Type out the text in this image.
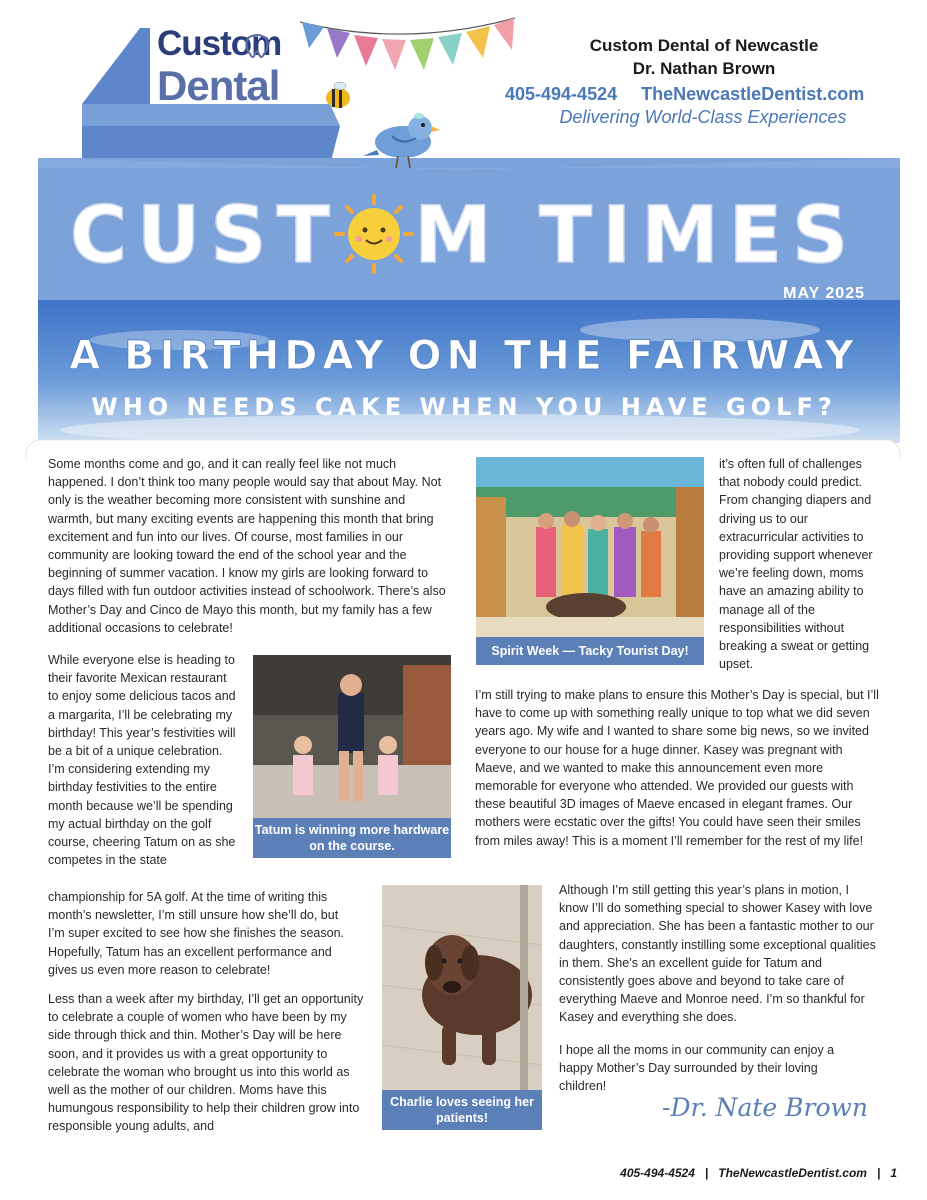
Custom
Dental
Custom Dental of Newcastle
Dr. Nathan Brown
405-494-4524 TheNewcastleDentist.com
Delivering World-Class Experiences
CUST  M TIMES
MAY 2025
A BIRTHDAY ON THE FAIRWAY
WHO NEEDS CAKE WHEN YOU HAVE GOLF?

Some months come and go, and it can really feel like not much happened. I don’t think too many people would say that about May. Not only is the weather becoming more consistent with sunshine and warmth, but many exciting events are happening this month that bring excitement and fun into our lives. Of course, most families in our community are looking toward the end of the school year and the beginning of summer vacation. I know my girls are looking forward to days filled with fun outdoor activities instead of schoolwork. There’s also Mother’s Day and Cinco de Mayo this month, but my family has a few additional occasions to celebrate!

While everyone else is heading to their favorite Mexican restaurant to enjoy some delicious tacos and a margarita, I’ll be celebrating my birthday! This year’s festivities will be a bit of a unique celebration. I’m considering extending my birthday festivities to the entire month because we’ll be spending my actual birthday on the golf course, cheering Tatum on as she competes in the state

championship for 5A golf. At the time of writing this month’s newsletter, I’m still unsure how she’ll do, but I’m super excited to see how she finishes the season. Hopefully, Tatum has an excellent performance and gives us even more reason to celebrate!

Less than a week after my birthday, I’ll get an opportunity to celebrate a couple of women who have been by my side through thick and thin. Mother’s Day will be here soon, and it provides us with a great opportunity to celebrate the woman who brought us into this world as well as the mother of our children. Moms have this humungous responsibility to help their children grow into responsible young adults, and

Spirit Week — Tacky Tourist Day!

it’s often full of challenges that nobody could predict. From changing diapers and driving us to our extracurricular activities to providing support whenever we’re feeling down, moms have an amazing ability to manage all of the responsibilities without breaking a sweat or getting upset.

Tatum is winning more hardware on the course.

I’m still trying to make plans to ensure this Mother’s Day is special, but I’ll have to come up with something really unique to top what we did seven years ago. My wife and I wanted to share some big news, so we invited everyone to our house for a huge dinner. Kasey was pregnant with Maeve, and we wanted to make this announcement even more memorable for everyone who attended. We provided our guests with these beautiful 3D images of Maeve encased in elegant frames. Our mothers were ecstatic over the gifts! You could have seen their smiles from miles away! This is a moment I’ll remember for the rest of my life!

Charlie loves seeing her patients!

Although I’m still getting this year’s plans in motion, I know I’ll do something special to shower Kasey with love and appreciation. She has been a fantastic mother to our daughters, constantly instilling some exceptional qualities in them. She’s an excellent guide for Tatum and consistently goes above and beyond to take care of everything Maeve and Monroe need. I’m so thankful for Kasey and everything she does.

I hope all the moms in our community can enjoy a happy Mother’s Day surrounded by their loving children!

-Dr. Nate Brown
405-494-4524   |   TheNewcastleDentist.com   |   1
